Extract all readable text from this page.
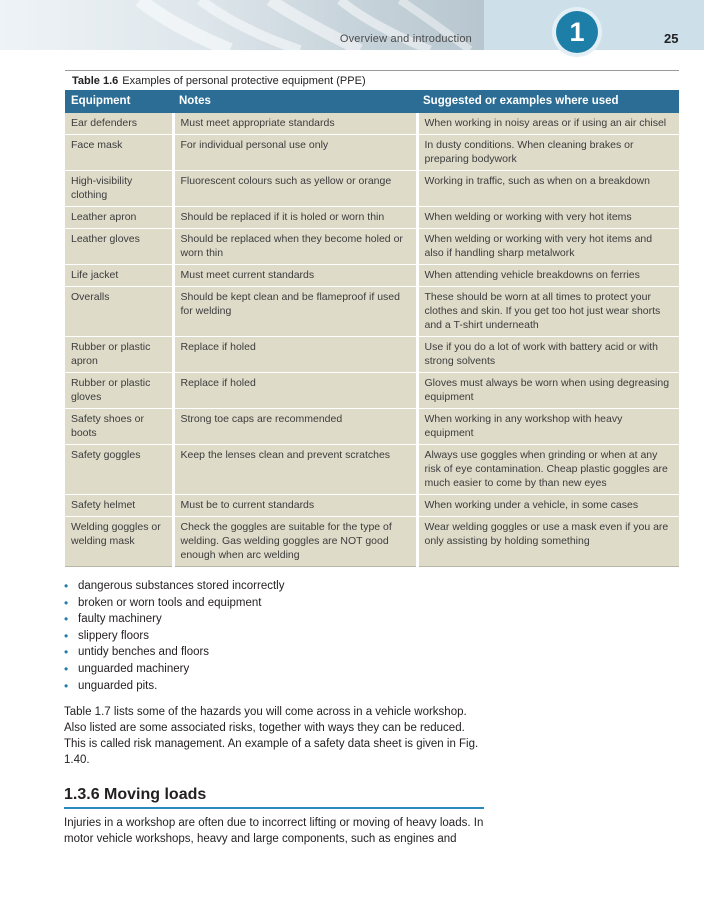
Overview and introduction	1	25
Table 1.6 Examples of personal protective equipment (PPE)
Equipment	Notes	Suggested or examples where used
Ear defenders	Must meet appropriate standards	When working in noisy areas or if using an air chisel
Face mask	For individual personal use only	In dusty conditions. When cleaning brakes or preparing bodywork
High-visibility clothing	Fluorescent colours such as yellow or orange	Working in traffic, such as when on a breakdown
Leather apron	Should be replaced if it is holed or worn thin	When welding or working with very hot items
Leather gloves	Should be replaced when they become holed or worn thin	When welding or working with very hot items and also if handling sharp metalwork
Life jacket	Must meet current standards	When attending vehicle breakdowns on ferries
Overalls	Should be kept clean and be flameproof if used for welding	These should be worn at all times to protect your clothes and skin. If you get too hot just wear shorts and a T-shirt underneath
Rubber or plastic apron	Replace if holed	Use if you do a lot of work with battery acid or with strong solvents
Rubber or plastic gloves	Replace if holed	Gloves must always be worn when using degreasing equipment
Safety shoes or boots	Strong toe caps are recommended	When working in any workshop with heavy equipment
Safety goggles	Keep the lenses clean and prevent scratches	Always use goggles when grinding or when at any risk of eye contamination. Cheap plastic goggles are much easier to come by than new eyes
Safety helmet	Must be to current standards	When working under a vehicle, in some cases
Welding goggles or welding mask	Check the goggles are suitable for the type of welding. Gas welding goggles are NOT good enough when arc welding	Wear welding goggles or use a mask even if you are only assisting by holding something
• dangerous substances stored incorrectly
• broken or worn tools and equipment
• faulty machinery
• slippery floors
• untidy benches and floors
• unguarded machinery
• unguarded pits.
Table 1.7 lists some of the hazards you will come across in a vehicle workshop. Also listed are some associated risks, together with ways they can be reduced. This is called risk management. An example of a safety data sheet is given in Fig. 1.40.
1.3.6 Moving loads
Injuries in a workshop are often due to incorrect lifting or moving of heavy loads. In motor vehicle workshops, heavy and large components, such as engines and
